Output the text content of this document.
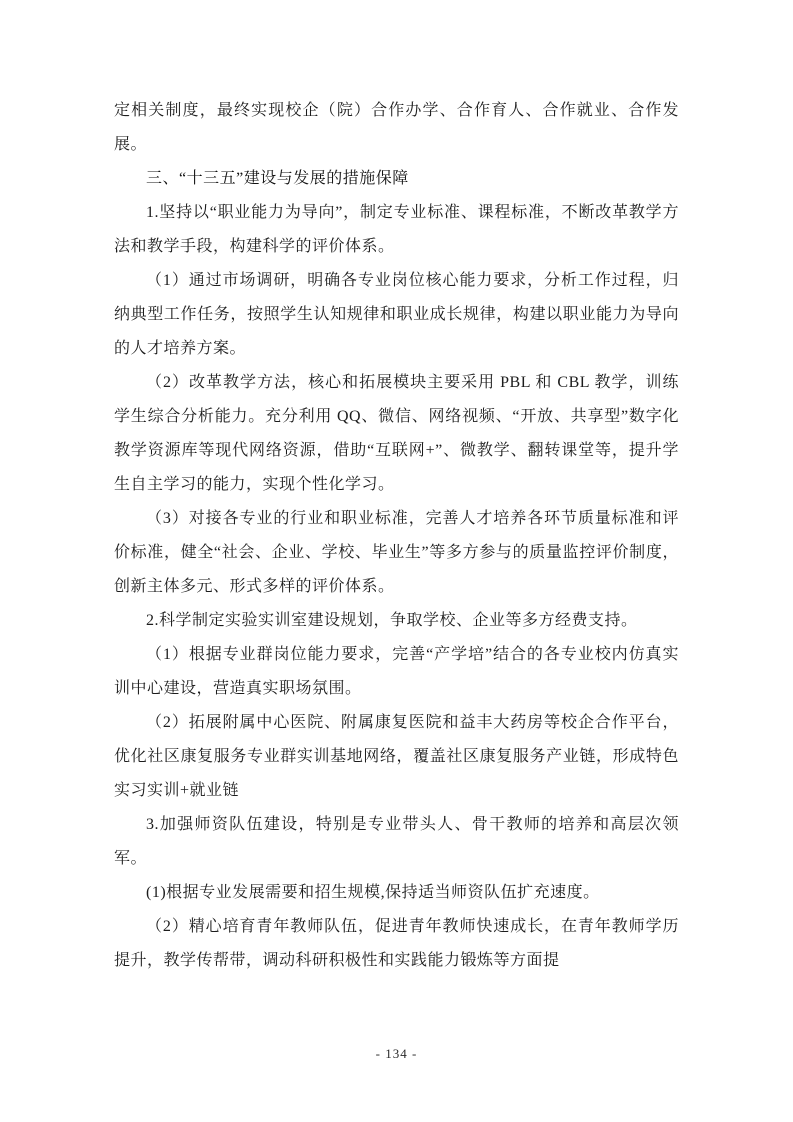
定相关制度，最终实现校企（院）合作办学、合作育人、合作就业、合作发展。

三、“十三五”建设与发展的措施保障

1.坚持以“职业能力为导向”，制定专业标准、课程标准，不断改革教学方法和教学手段，构建科学的评价体系。

（1）通过市场调研，明确各专业岗位核心能力要求，分析工作过程，归纳典型工作任务，按照学生认知规律和职业成长规律，构建以职业能力为导向的人才培养方案。

（2）改革教学方法，核心和拓展模块主要采用 PBL 和 CBL 教学，训练学生综合分析能力。充分利用 QQ、微信、网络视频、“开放、共享型”数字化教学资源库等现代网络资源，借助“互联网+”、微教学、翻转课堂等，提升学生自主学习的能力，实现个性化学习。

（3）对接各专业的行业和职业标准，完善人才培养各环节质量标准和评价标准，健全“社会、企业、学校、毕业生”等多方参与的质量监控评价制度，创新主体多元、形式多样的评价体系。

2.科学制定实验实训室建设规划，争取学校、企业等多方经费支持。

（1）根据专业群岗位能力要求，完善“产学培”结合的各专业校内仿真实训中心建设，营造真实职场氛围。

（2）拓展附属中心医院、附属康复医院和益丰大药房等校企合作平台，优化社区康复服务专业群实训基地网络，覆盖社区康复服务产业链，形成特色实习实训+就业链

3.加强师资队伍建设，特别是专业带头人、骨干教师的培养和高层次领军。

(1)根据专业发展需要和招生规模,保持适当师资队伍扩充速度。

（2）精心培育青年教师队伍，促进青年教师快速成长，在青年教师学历提升，教学传帮带，调动科研积极性和实践能力锻炼等方面提

- 134 -
